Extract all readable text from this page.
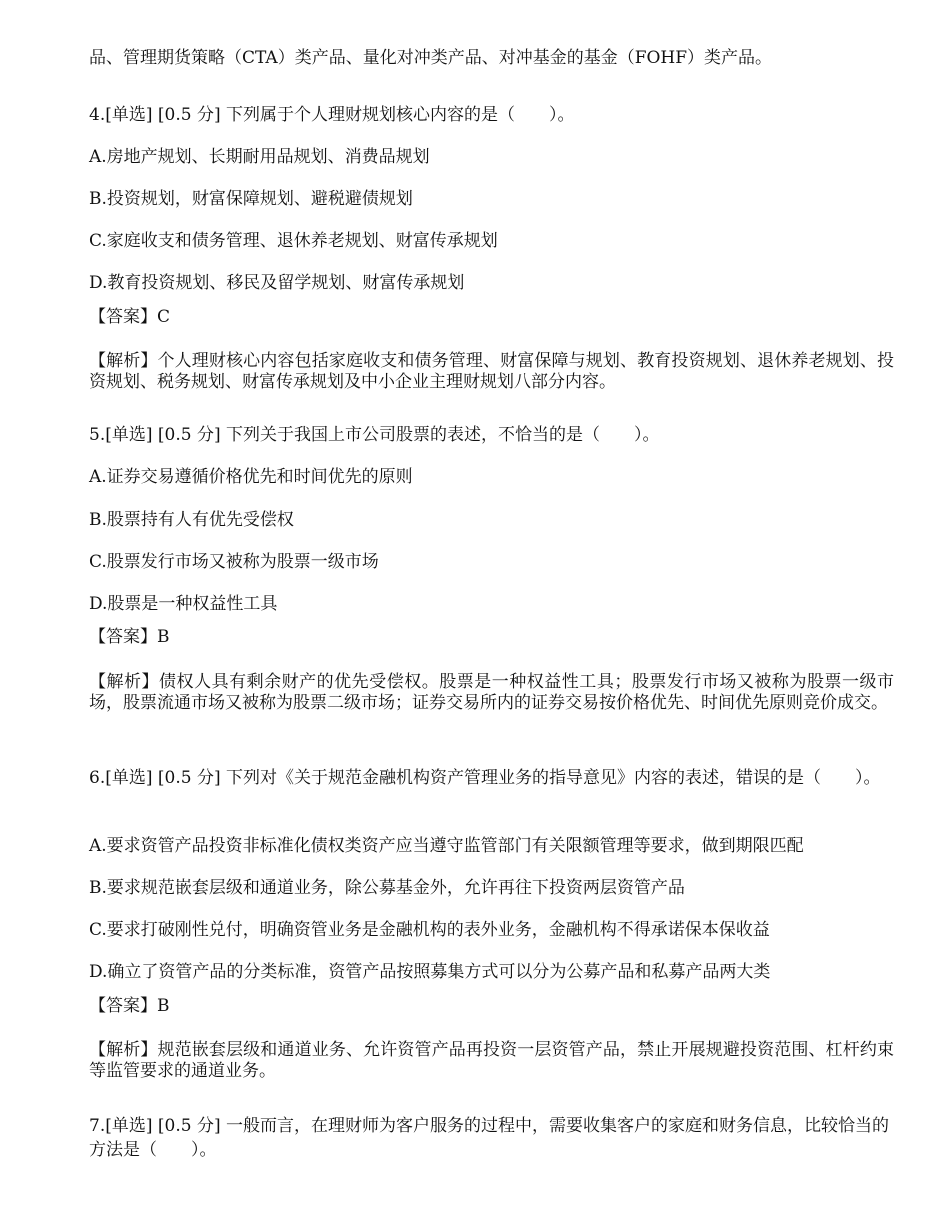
品、管理期货策略（CTA）类产品、量化对冲类产品、对冲基金的基金（FOHF）类产品。
4.[单选] [0.5 分] 下列属于个人理财规划核心内容的是（　　）。
A.房地产规划、长期耐用品规划、消费品规划
B.投资规划，财富保障规划、避税避债规划
C.家庭收支和债务管理、退休养老规划、财富传承规划
D.教育投资规划、移民及留学规划、财富传承规划
【答案】C
【解析】个人理财核心内容包括家庭收支和债务管理、财富保障与规划、教育投资规划、退休养老规划、投资规划、税务规划、财富传承规划及中小企业主理财规划八部分内容。
5.[单选] [0.5 分] 下列关于我国上市公司股票的表述，不恰当的是（　　）。
A.证券交易遵循价格优先和时间优先的原则
B.股票持有人有优先受偿权
C.股票发行市场又被称为股票一级市场
D.股票是一种权益性工具
【答案】B
【解析】债权人具有剩余财产的优先受偿权。股票是一种权益性工具；股票发行市场又被称为股票一级市场，股票流通市场又被称为股票二级市场；证券交易所内的证券交易按价格优先、时间优先原则竞价成交。
6.[单选] [0.5 分] 下列对《关于规范金融机构资产管理业务的指导意见》内容的表述，错误的是（　　）。
A.要求资管产品投资非标准化债权类资产应当遵守监管部门有关限额管理等要求，做到期限匹配
B.要求规范嵌套层级和通道业务，除公募基金外，允许再往下投资两层资管产品
C.要求打破刚性兑付，明确资管业务是金融机构的表外业务，金融机构不得承诺保本保收益
D.确立了资管产品的分类标准，资管产品按照募集方式可以分为公募产品和私募产品两大类
【答案】B
【解析】规范嵌套层级和通道业务、允许资管产品再投资一层资管产品，禁止开展规避投资范围、杠杆约束等监管要求的通道业务。
7.[单选] [0.5 分] 一般而言，在理财师为客户服务的过程中，需要收集客户的家庭和财务信息，比较恰当的方法是（　　）。
